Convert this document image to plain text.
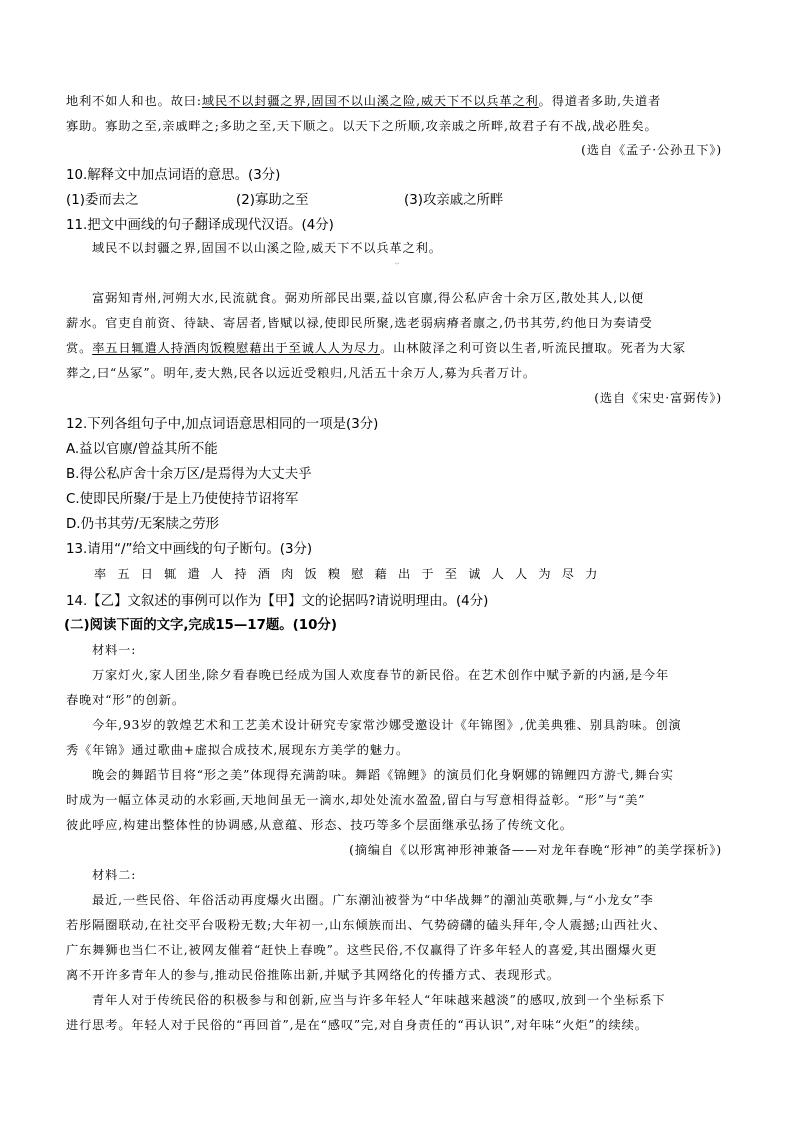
地利不如人和也。故曰:域民不以封疆之界,固国不以山溪之险,威天下不以兵革之利。得道者多助,失道者
寡助。寡助之至,亲戚畔之;多助之至,天下顺之。以天下之所顺,攻亲戚之所畔,故君子有不战,战必胜矣。
(选自《孟子·公孙丑下》)
10.解释文中加点词语的意思。(3分)
(1)委而去之	(2)寡助之至	(3)攻亲戚之所畔
11.把文中画线的句子翻译成现代汉语。(4分)
域民不以封疆之界,固国不以山溪之险,威天下不以兵革之利。
【乙】
富弼知青州,河朔大水,民流就食。弼劝所部民出粟,益以官廪,得公私庐舍十余万区,散处其人,以便
薪水。官吏自前资、待缺、寄居者,皆赋以禄,使即民所聚,选老弱病瘠者廪之,仍书其劳,约他日为奏请受
赏。率五日辄遣人持酒肉饭糗慰藉出于至诚人人为尽力。山林陂泽之利可资以生者,听流民擅取。死者为大冢
葬之,曰“丛冢”。明年,麦大熟,民各以远近受粮归,凡活五十余万人,募为兵者万计。
(选自《宋史·富弼传》)
12.下列各组句子中,加点词语意思相同的一项是(3分)
A.益以官廪/曾益其所不能
B.得公私庐舍十余万区/是焉得为大丈夫乎
C.使即民所聚/于是上乃使使持节诏将军
D.仍书其劳/无案牍之劳形
13.请用“/”给文中画线的句子断句。(3分)
率五日辄遣人持酒肉饭糗慰藉出于至诚人人为尽力
14.【乙】文叙述的事例可以作为【甲】文的论据吗?请说明理由。(4分)
(二)阅读下面的文字,完成15—17题。(10分)
材料一:
万家灯火,家人团坐,除夕看春晚已经成为国人欢度春节的新民俗。在艺术创作中赋予新的内涵,是今年
春晚对“形”的创新。
今年,93岁的敦煌艺术和工艺美术设计研究专家常沙娜受邀设计《年锦图》,优美典雅、别具韵味。创演
秀《年锦》通过歌曲+虚拟合成技术,展现东方美学的魅力。
晚会的舞蹈节目将“形之美”体现得充满韵味。舞蹈《锦鲤》的演员们化身婀娜的锦鲤四方游弋,舞台实
时成为一幅立体灵动的水彩画,天地间虽无一滴水,却处处流水盈盈,留白与写意相得益彰。“形”与“美”
彼此呼应,构建出整体性的协调感,从意蕴、形态、技巧等多个层面继承弘扬了传统文化。
(摘编自《以形寓神形神兼备——对龙年春晚“形神”的美学探析》)
材料二:
最近,一些民俗、年俗活动再度爆火出圈。广东潮汕被誉为“中华战舞”的潮汕英歌舞,与“小龙女”李
若彤隔圈联动,在社交平台吸粉无数;大年初一,山东倾族而出、气势磅礴的磕头拜年,令人震撼;山西社火、
广东舞狮也当仁不让,被网友催着“赶快上春晚”。这些民俗,不仅赢得了许多年轻人的喜爱,其出圈爆火更
离不开许多青年人的参与,推动民俗推陈出新,并赋予其网络化的传播方式、表现形式。
青年人对于传统民俗的积极参与和创新,应当与许多年轻人“年味越来越淡”的感叹,放到一个坐标系下
进行思考。年轻人对于民俗的“再回首”,是在“感叹”完,对自身责任的“再认识”,对年味“火炬”的续续。
